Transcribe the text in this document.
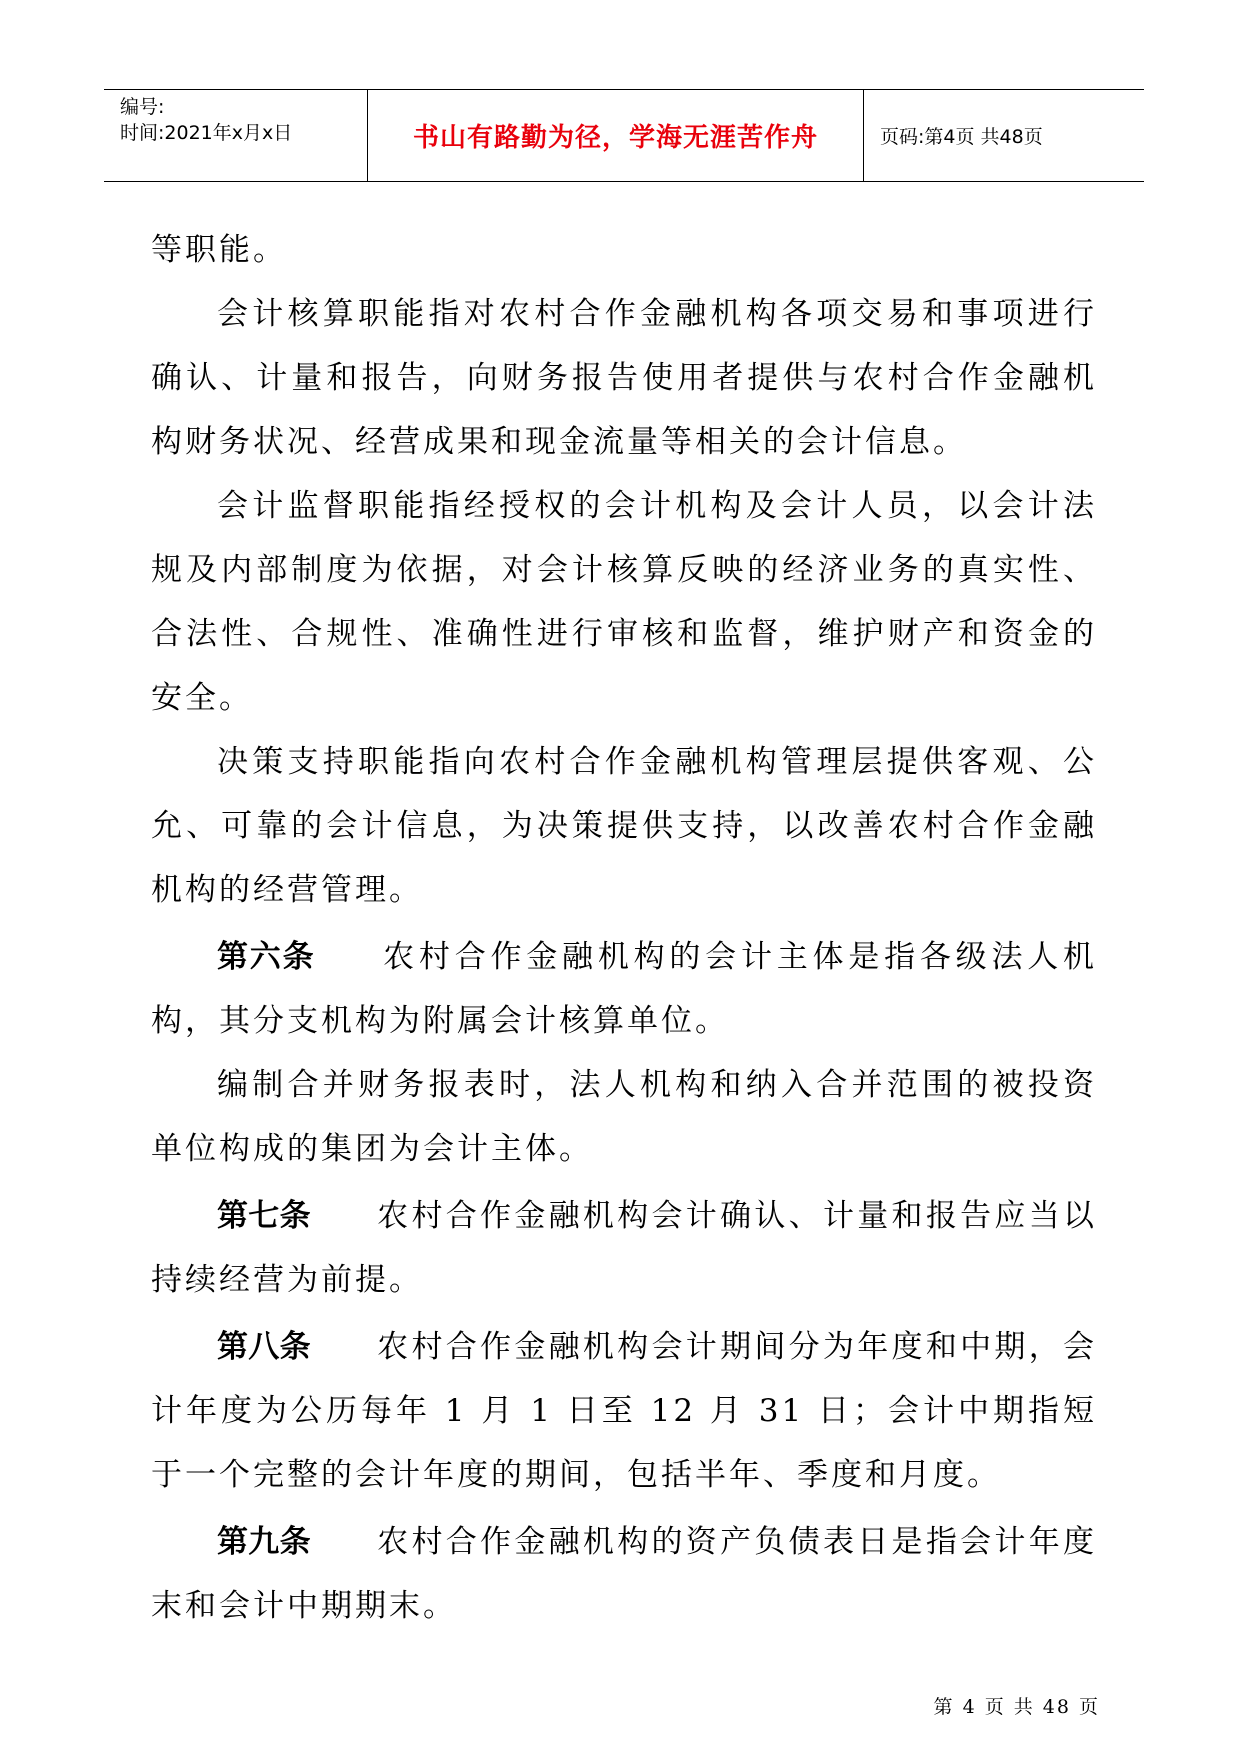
编号:
时间:2021年x月x日	书山有路勤为径，学海无涯苦作舟	页码:第4页 共48页

等职能。

会计核算职能指对农村合作金融机构各项交易和事项进行确认、计量和报告，向财务报告使用者提供与农村合作金融机构财务状况、经营成果和现金流量等相关的会计信息。

会计监督职能指经授权的会计机构及会计人员，以会计法规及内部制度为依据，对会计核算反映的经济业务的真实性、合法性、合规性、准确性进行审核和监督，维护财产和资金的安全。

决策支持职能指向农村合作金融机构管理层提供客观、公允、可靠的会计信息，为决策提供支持，以改善农村合作金融机构的经营管理。

第六条 农村合作金融机构的会计主体是指各级法人机构，其分支机构为附属会计核算单位。

编制合并财务报表时，法人机构和纳入合并范围的被投资单位构成的集团为会计主体。

第七条 农村合作金融机构会计确认、计量和报告应当以持续经营为前提。

第八条 农村合作金融机构会计期间分为年度和中期，会计年度为公历每年 1 月 1 日至 12 月 31 日；会计中期指短于一个完整的会计年度的期间，包括半年、季度和月度。

第九条 农村合作金融机构的资产负债表日是指会计年度末和会计中期期末。

第 4 页 共 48 页
